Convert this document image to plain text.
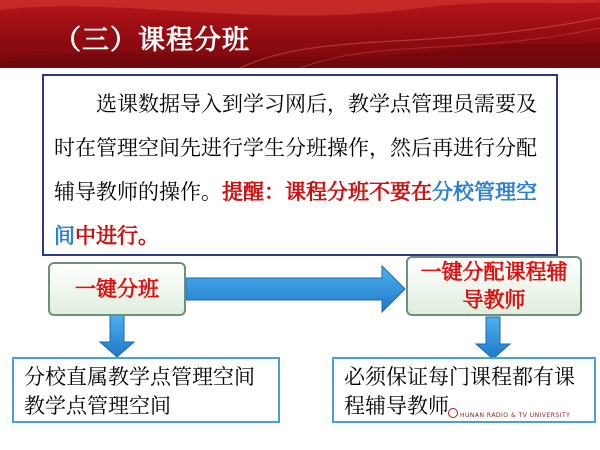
（三）课程分班

选课数据导入到学习网后，教学点管理员需要及时在管理空间先进行学生分班操作，然后再进行分配辅导教师的操作。提醒：课程分班不要在分校管理空间中进行。

一键分班
一键分配课程辅导教师
分校直属教学点管理空间教学点管理空间
必须保证每门课程都有课程辅导教师	HUNAN RADIO & TV UNIVERSITY
